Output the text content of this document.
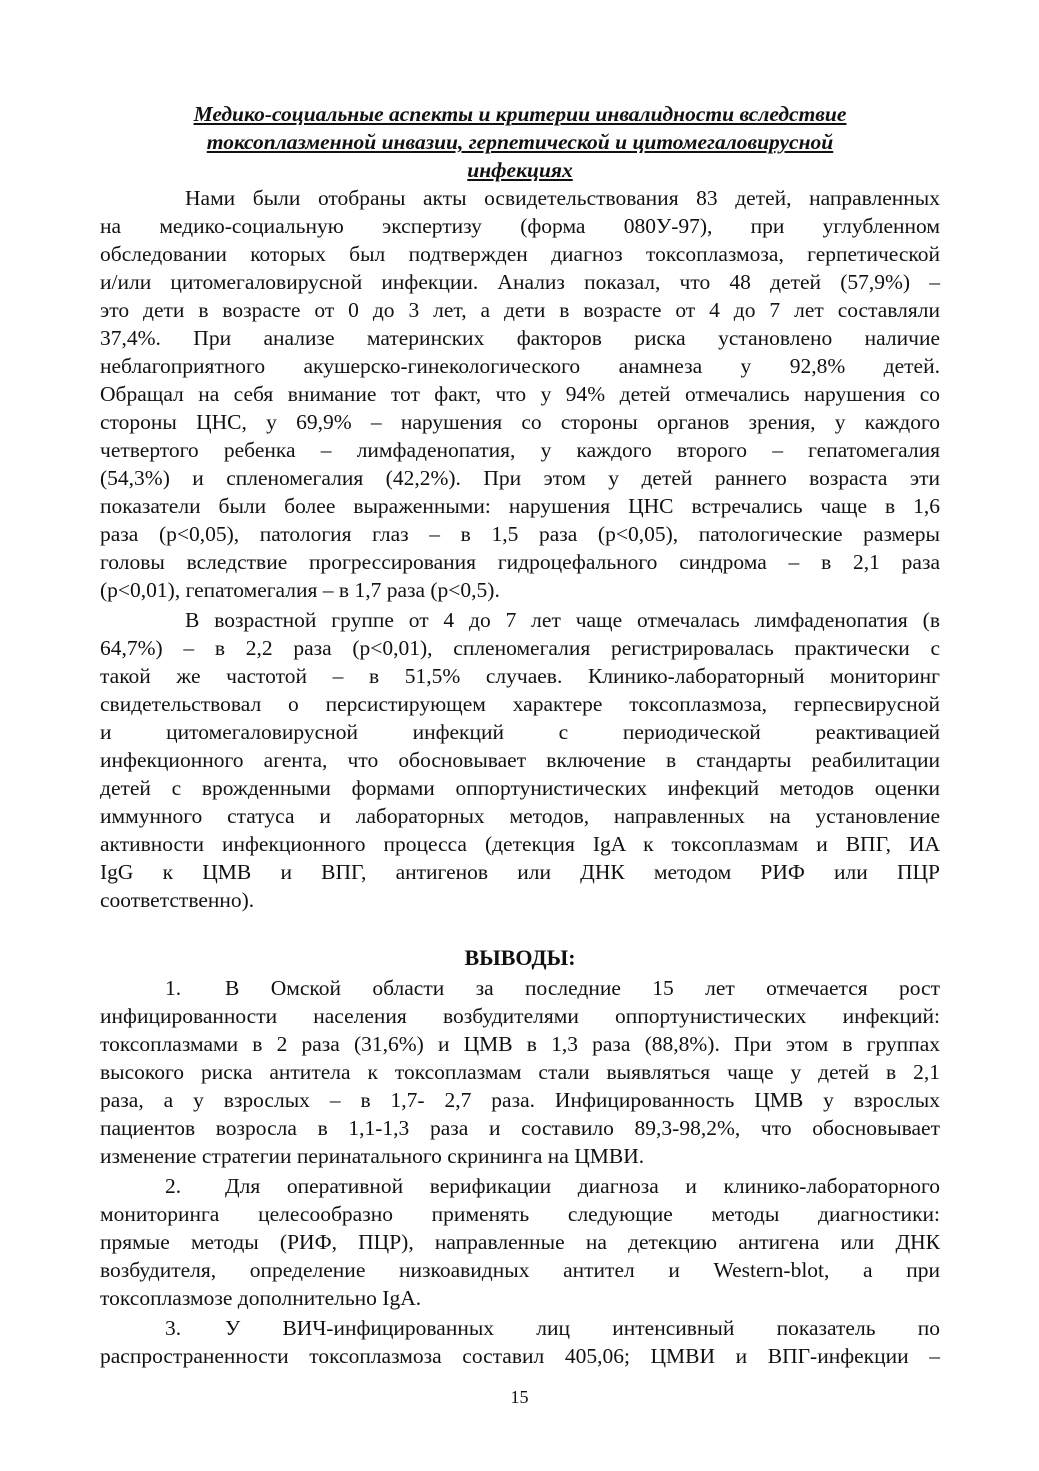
Медико-социальные аспекты и критерии инвалидности вследствие
токсоплазменной инвазии, герпетической и цитомегаловирусной
инфекциях
Нами были отобраны акты освидетельствования 83 детей, направленных
на медико-социальную экспертизу (форма 080У-97), при углубленном
обследовании которых был подтвержден диагноз токсоплазмоза, герпетической
и/или цитомегаловирусной инфекции. Анализ показал, что 48 детей (57,9%) –
это дети в возрасте от 0 до 3 лет, а дети в возрасте от 4 до 7 лет составляли
37,4%. При анализе материнских факторов риска установлено наличие
неблагоприятного акушерско-гинекологического анамнеза у 92,8% детей.
Обращал на себя внимание тот факт, что у 94% детей отмечались нарушения со
стороны ЦНС, у 69,9% – нарушения со стороны органов зрения, у каждого
четвертого ребенка – лимфаденопатия, у каждого второго – гепатомегалия
(54,3%) и спленомегалия (42,2%). При этом у детей раннего возраста эти
показатели были более выраженными: нарушения ЦНС встречались чаще в 1,6
раза (р<0,05), патология глаз – в 1,5 раза (р<0,05), патологические размеры
головы вследствие прогрессирования гидроцефального синдрома – в 2,1 раза
(р<0,01), гепатомегалия – в 1,7 раза (р<0,5).
В возрастной группе от 4 до 7 лет чаще отмечалась лимфаденопатия (в
64,7%) – в 2,2 раза (р<0,01), спленомегалия регистрировалась практически с
такой же частотой – в 51,5% случаев. Клинико-лабораторный мониторинг
свидетельствовал о персистирующем характере токсоплазмоза, герпесвирусной
и цитомегаловирусной инфекций с периодической реактивацией
инфекционного агента, что обосновывает включение в стандарты реабилитации
детей с врожденными формами оппортунистических инфекций методов оценки
иммунного статуса и лабораторных методов, направленных на установление
активности инфекционного процесса (детекция IgA к токсоплазмам и ВПГ, ИА
IgG к ЦМВ и ВПГ, антигенов или ДНК методом РИФ или ПЦР
соответственно).
ВЫВОДЫ:
1. В Омской области за последние 15 лет отмечается рост
инфицированности населения возбудителями оппортунистических инфекций:
токсоплазмами в 2 раза (31,6%) и ЦМВ в 1,3 раза (88,8%). При этом в группах
высокого риска антитела к токсоплазмам стали выявляться чаще у детей в 2,1
раза, а у взрослых – в 1,7- 2,7 раза. Инфицированность ЦМВ у взрослых
пациентов возросла в 1,1-1,3 раза и составило 89,3-98,2%, что обосновывает
изменение стратегии перинатального скрининга на ЦМВИ.
2. Для оперативной верификации диагноза и клинико-лабораторного
мониторинга целесообразно применять следующие методы диагностики:
прямые методы (РИФ, ПЦР), направленные на детекцию антигена или ДНК
возбудителя, определение низкоавидных антител и Western-blot, а при
токсоплазмозе дополнительно IgA.
3. У ВИЧ-инфицированных лиц интенсивный показатель по
распространенности токсоплазмоза составил 405,06; ЦМВИ и ВПГ-инфекции –
15
